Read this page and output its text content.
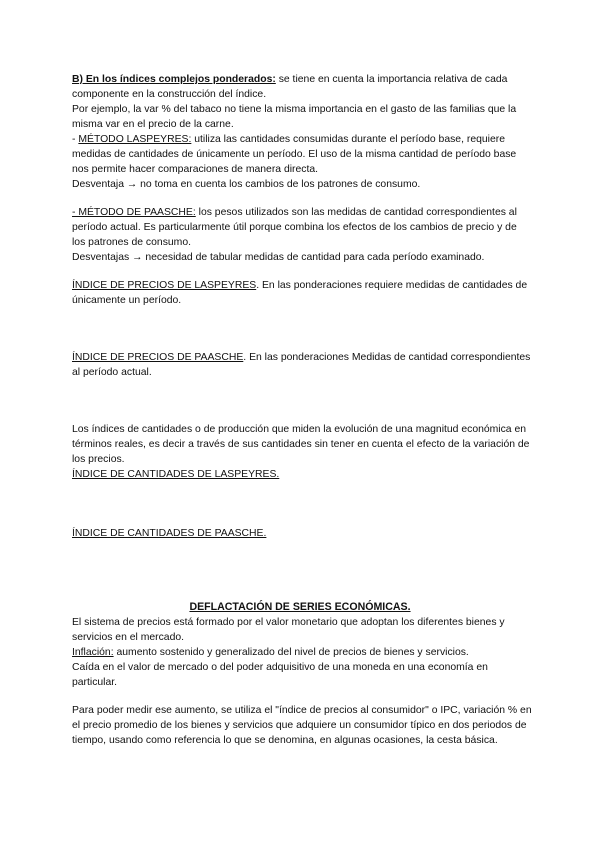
B) En los índices complejos ponderados: se tiene en cuenta la importancia relativa de cada componente en la construcción del índice.

Por ejemplo, la var % del tabaco no tiene la misma importancia en el gasto de las familias que la misma var en el precio de la carne.

- MÉTODO LASPEYRES: utiliza las cantidades consumidas durante el período base, requiere medidas de cantidades de únicamente un período. El uso de la misma cantidad de período base nos permite hacer comparaciones de manera directa.

Desventaja → no toma en cuenta los cambios de los patrones de consumo.

- MÉTODO DE PAASCHE: los pesos utilizados son las medidas de cantidad correspondientes al período actual. Es particularmente útil porque combina los efectos de los cambios de precio y de los patrones de consumo.

Desventajas → necesidad de tabular medidas de cantidad para cada período examinado.

ÍNDICE DE PRECIOS DE LASPEYRES. En las ponderaciones requiere medidas de cantidades de únicamente un período.

ÍNDICE DE PRECIOS DE PAASCHE. En las ponderaciones Medidas de cantidad correspondientes al período actual.

Los índices de cantidades o de producción que miden la evolución de una magnitud económica en términos reales, es decir a través de sus cantidades sin tener en cuenta el efecto de la variación de los precios.

ÍNDICE DE CANTIDADES DE LASPEYRES.

ÍNDICE DE CANTIDADES DE PAASCHE.

DEFLACTACIÓN DE SERIES ECONÓMICAS.

El sistema de precios está formado por el valor monetario que adoptan los diferentes bienes y servicios en el mercado.

Inflación: aumento sostenido y generalizado del nivel de precios de bienes y servicios.

Caída en el valor de mercado o del poder adquisitivo de una moneda en una economía en particular.

Para poder medir ese aumento, se utiliza el "índice de precios al consumidor" o IPC, variación % en el precio promedio de los bienes y servicios que adquiere un consumidor típico en dos periodos de tiempo, usando como referencia lo que se denomina, en algunas ocasiones, la cesta básica.
